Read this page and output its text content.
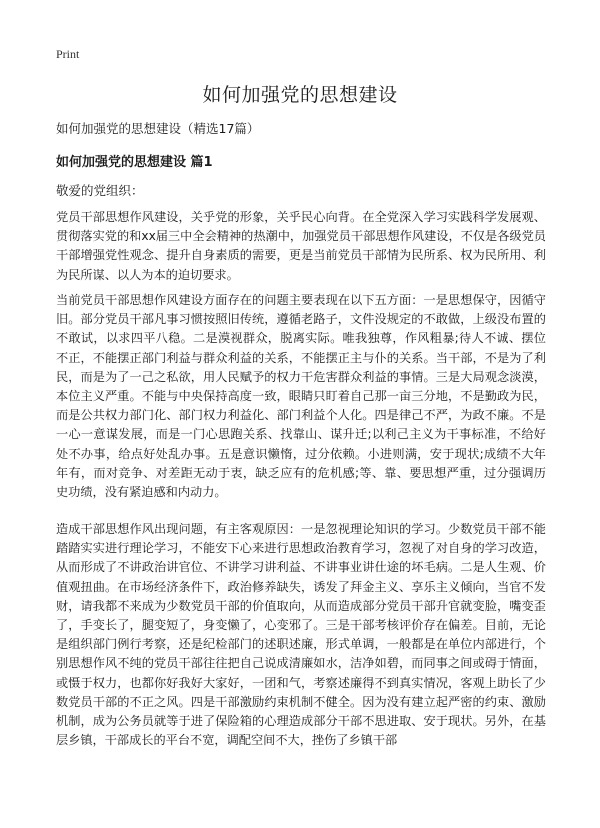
Print
如何加强党的思想建设
如何加强党的思想建设（精选17篇）
如何加强党的思想建设 篇1
敬爱的党组织：

党员干部思想作风建设，关乎党的形象，关乎民心向背。在全党深入学习实践科学发展观、贯彻落实党的和xx届三中全会精神的热潮中，加强党员干部思想作风建设，不仅是各级党员干部增强党性观念、提升自身素质的需要，更是当前党员干部情为民所系、权为民所用、利为民所谋、以人为本的迫切要求。

当前党员干部思想作风建设方面存在的问题主要表现在以下五方面：一是思想保守，因循守旧。部分党员干部凡事习惯按照旧传统，遵循老路子，文件没规定的不敢做，上级没布置的不敢试，以求四平八稳。二是漠视群众，脱离实际。唯我独尊，作风粗暴;待人不诚、摆位不正，不能摆正部门利益与群众利益的关系，不能摆正主与仆的关系。当干部，不是为了利民，而是为了一己之私欲，用人民赋予的权力干危害群众利益的事情。三是大局观念淡漠，本位主义严重。不能与中央保持高度一致，眼睛只盯着自己那一亩三分地，不是勤政为民，而是公共权力部门化、部门权力利益化、部门利益个人化。四是律己不严，为政不廉。不是一心一意谋发展，而是一门心思跑关系、找靠山、谋升迁;以利己主义为干事标准，不给好处不办事，给点好处乱办事。五是意识懒惰，过分依赖。小进则满，安于现状;成绩不大年年有，而对竞争、对差距无动于衷，缺乏应有的危机感;等、靠、要思想严重，过分强调历史功绩，没有紧迫感和内动力。

造成干部思想作风出现问题，有主客观原因：一是忽视理论知识的学习。少数党员干部不能踏踏实实进行理论学习，不能安下心来进行思想政治教育学习，忽视了对自身的学习改造，从而形成了不讲政治讲官位、不讲学习讲利益、不讲事业讲仕途的坏毛病。二是人生观、价值观扭曲。在市场经济条件下，政治修养缺失，诱发了拜金主义、享乐主义倾向，当官不发财，请我都不来成为少数党员干部的价值取向，从而造成部分党员干部升官就变脸，嘴变歪了，手变长了，腿变短了，身变懒了，心变邪了。三是干部考核评价存在偏差。目前，无论是组织部门例行考察，还是纪检部门的述职述廉，形式单调，一般都是在单位内部进行，个别思想作风不纯的党员干部往往把自己说成清廉如水，洁净如碧，而同事之间或碍于情面，或慑于权力，也都你好我好大家好，一团和气，考察述廉得不到真实情况，客观上助长了少数党员干部的不正之风。四是干部激励约束机制不健全。因为没有建立起严密的约束、激励机制，成为公务员就等于进了保险箱的心理造成部分干部不思进取、安于现状。另外，在基层乡镇，干部成长的平台不宽，调配空间不大，挫伤了乡镇干部
